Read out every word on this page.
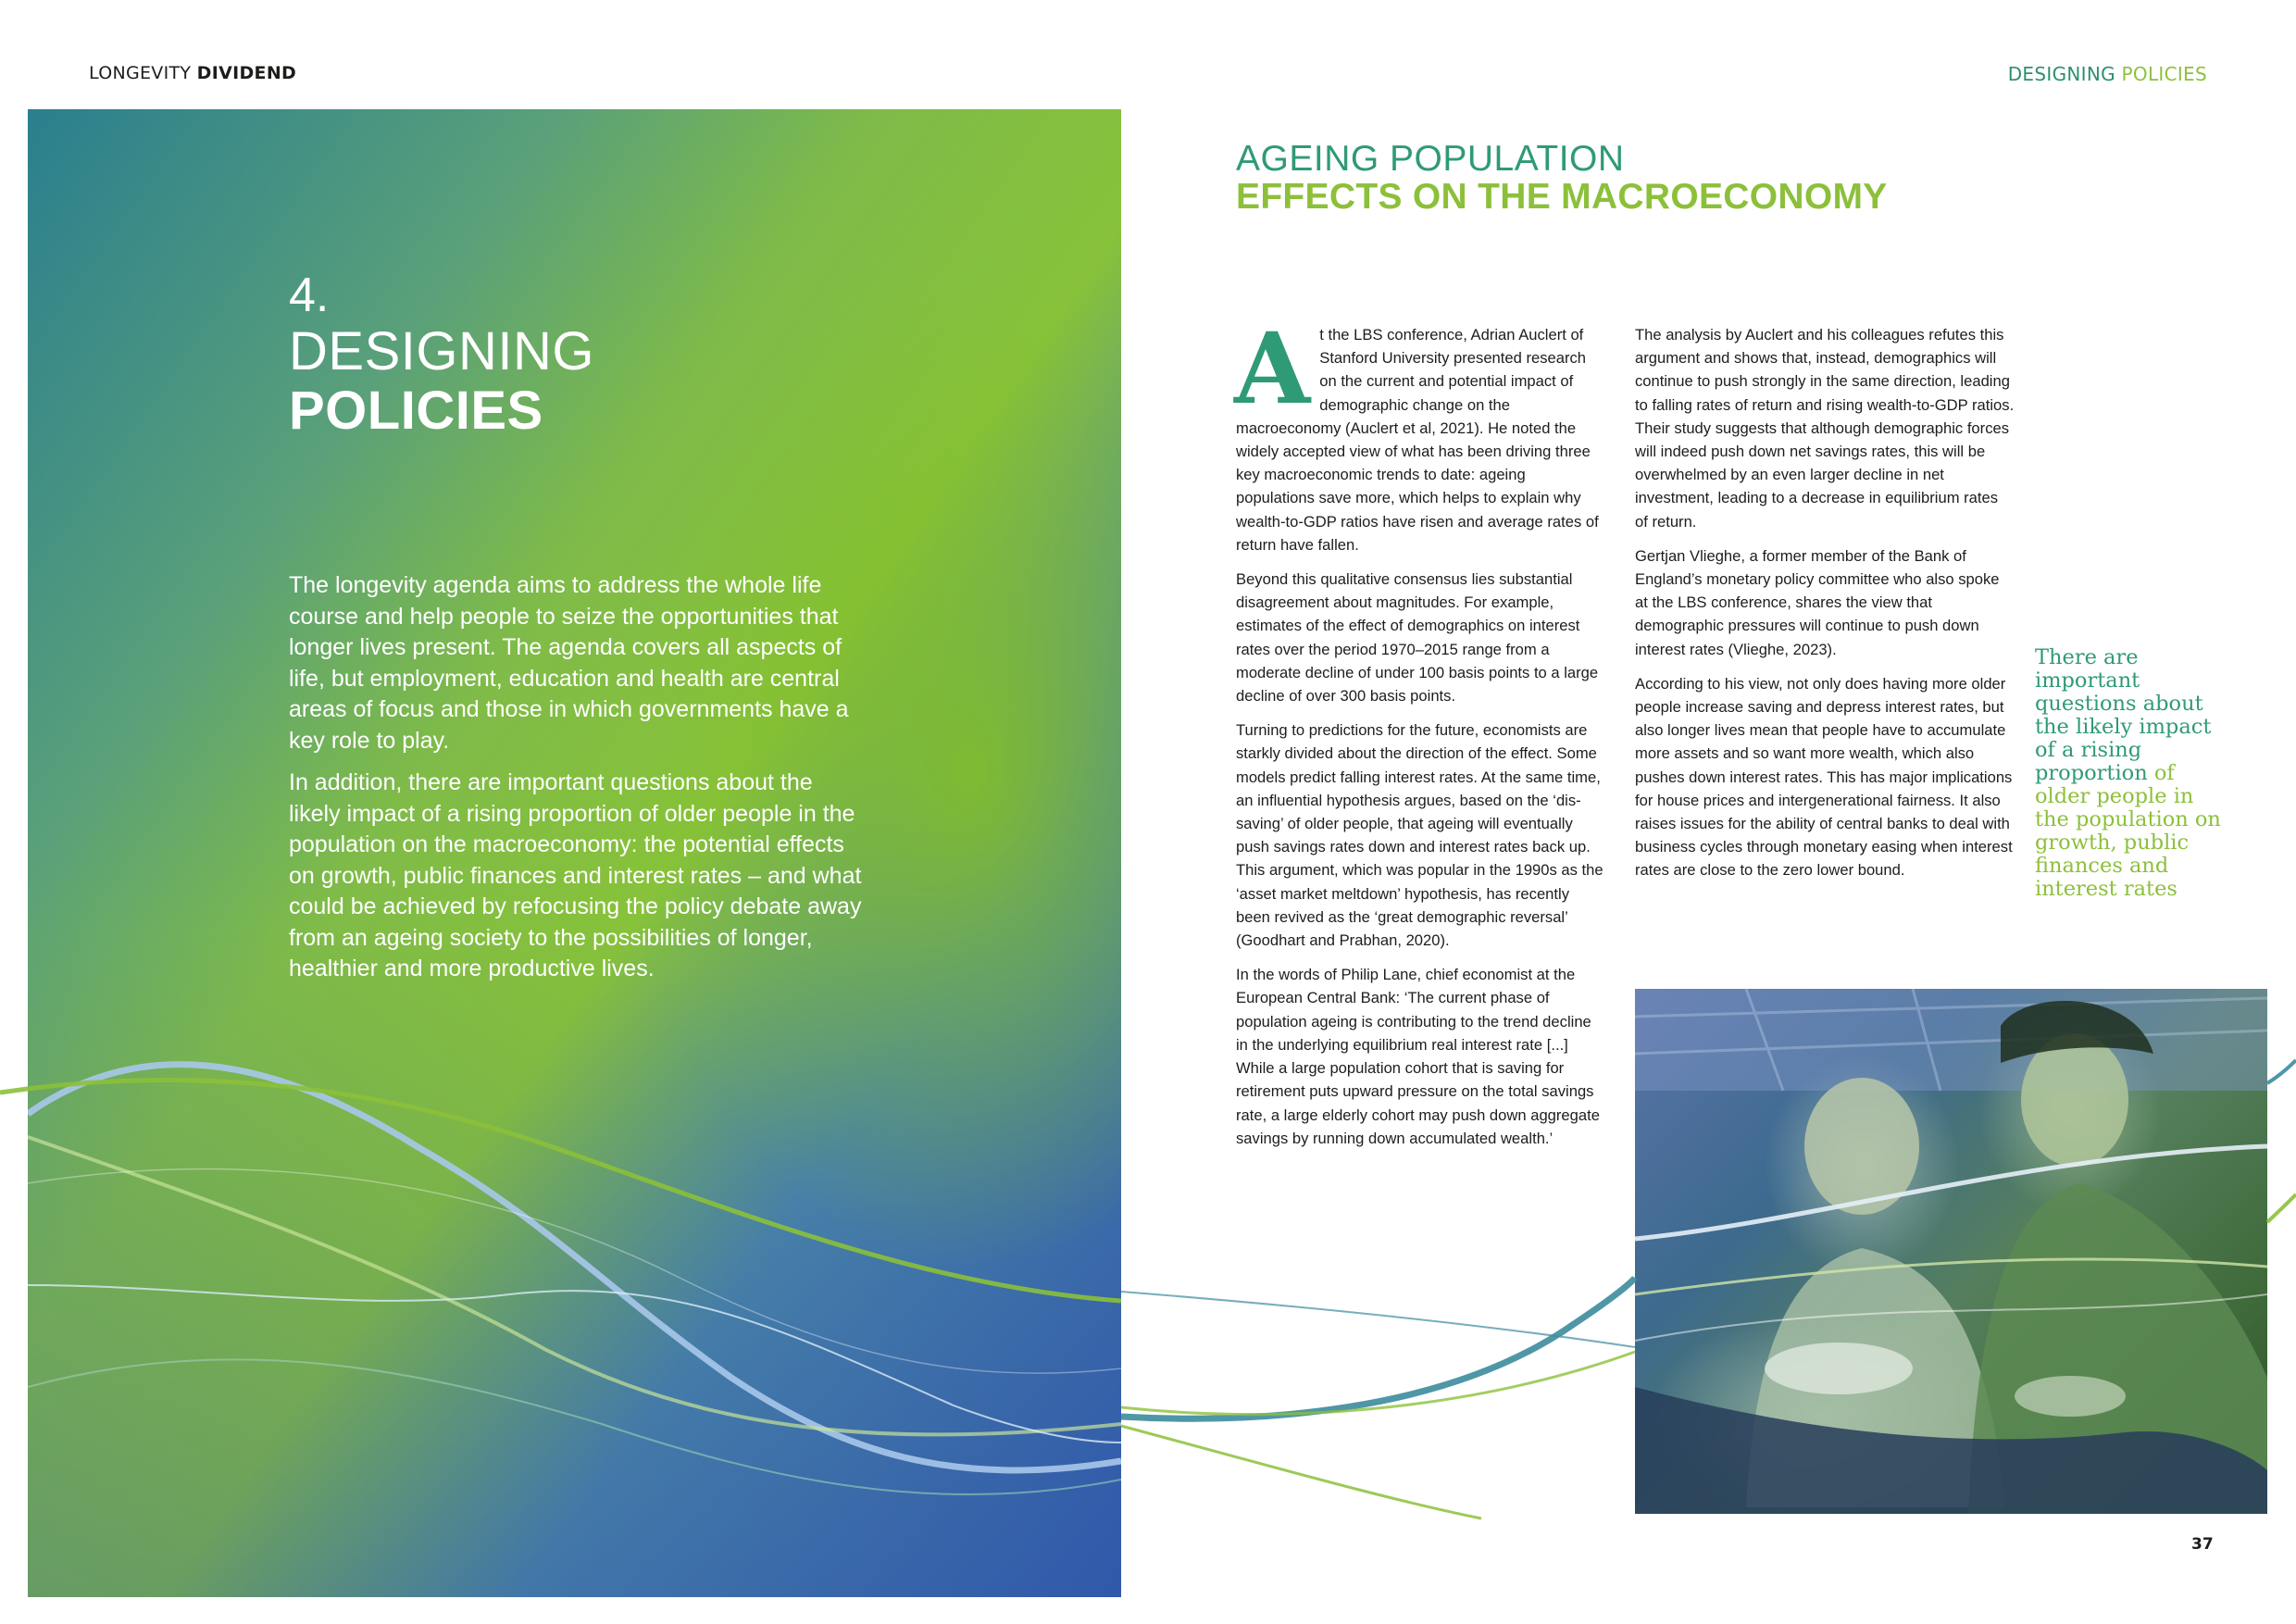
LONGEVITY DIVIDEND	DESIGNING POLICIES
4.
DESIGNING
POLICIES

The longevity agenda aims to address the whole life course and help people to seize the opportunities that longer lives present. The agenda covers all aspects of life, but employment, education and health are central areas of focus and those in which governments have a key role to play.

In addition, there are important questions about the likely impact of a rising proportion of older people in the population on the macroeconomy: the potential effects on growth, public finances and interest rates – and what could be achieved by refocusing the policy debate away from an ageing society to the possibilities of longer, healthier and more productive lives.

AGEING POPULATION
EFFECTS ON THE MACROECONOMY

At the LBS conference, Adrian Auclert of Stanford University presented research on the current and potential impact of demographic change on the macroeconomy (Auclert et al, 2021). He noted the widely accepted view of what has been driving three key macroeconomic trends to date: ageing populations save more, which helps to explain why wealth-to-GDP ratios have risen and average rates of return have fallen.

Beyond this qualitative consensus lies substantial disagreement about magnitudes. For example, estimates of the effect of demographics on interest rates over the period 1970–2015 range from a moderate decline of under 100 basis points to a large decline of over 300 basis points.

Turning to predictions for the future, economists are starkly divided about the direction of the effect. Some models predict falling interest rates. At the same time, an influential hypothesis argues, based on the ‘dis-saving’ of older people, that ageing will eventually push savings rates down and interest rates back up. This argument, which was popular in the 1990s as the ‘asset market meltdown’ hypothesis, has recently been revived as the ‘great demographic reversal’ (Goodhart and Prabhan, 2020).

In the words of Philip Lane, chief economist at the European Central Bank: ‘The current phase of population ageing is contributing to the trend decline in the underlying equilibrium real interest rate [...] While a large population cohort that is saving for retirement puts upward pressure on the total savings rate, a large elderly cohort may push down aggregate savings by running down accumulated wealth.’

The analysis by Auclert and his colleagues refutes this argument and shows that, instead, demographics will continue to push strongly in the same direction, leading to falling rates of return and rising wealth-to-GDP ratios. Their study suggests that although demographic forces will indeed push down net savings rates, this will be overwhelmed by an even larger decline in net investment, leading to a decrease in equilibrium rates of return.

Gertjan Vlieghe, a former member of the Bank of England’s monetary policy committee who also spoke at the LBS conference, shares the view that demographic pressures will continue to push down interest rates (Vlieghe, 2023).

According to his view, not only does having more older people increase saving and depress interest rates, but also longer lives mean that people have to accumulate more assets and so want more wealth, which also pushes down interest rates. This has major implications for house prices and intergenerational fairness. It also raises issues for the ability of central banks to deal with business cycles through monetary easing when interest rates are close to the zero lower bound.

There are important questions about the likely impact of a rising proportion of older people in the population on growth, public finances and interest rates
37
